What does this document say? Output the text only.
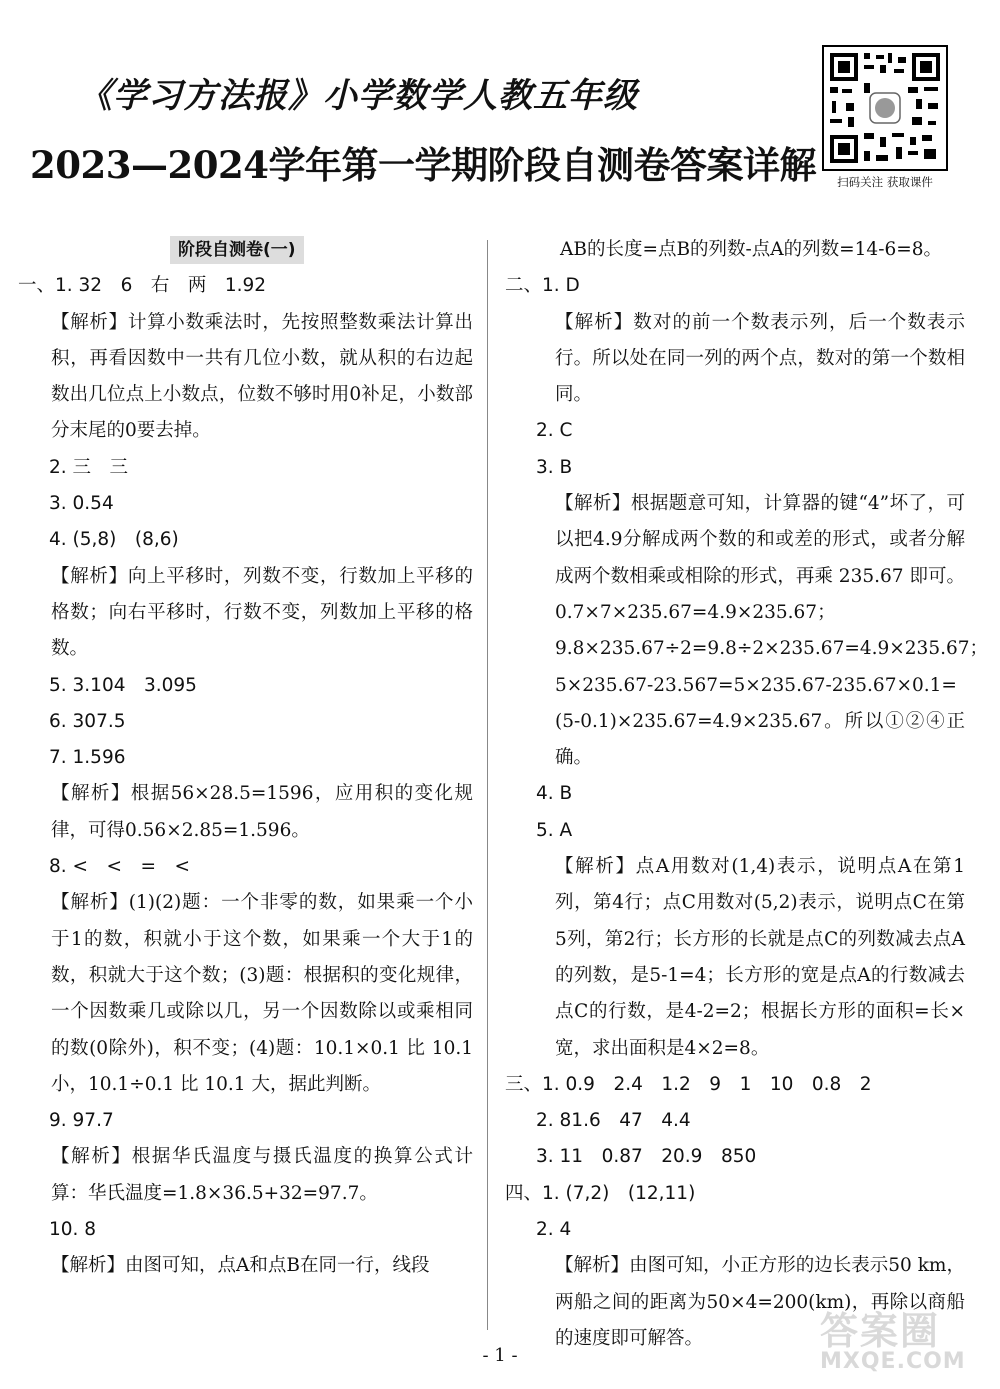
《学习方法报》小学数学人教五年级
2023—2024学年第一学期阶段自测卷答案详解	扫码关注 获取课件
阶段自测卷(一)
一、1. 32　6　右　两　1.92
【解析】计算小数乘法时，先按照整数乘法计算出积，再看因数中一共有几位小数，就从积的右边起数出几位点上小数点，位数不够时用0补足，小数部分末尾的0要去掉。
2. 三　三
3. 0.54
4. (5,8)　(8,6)
【解析】向上平移时，列数不变，行数加上平移的格数；向右平移时，行数不变，列数加上平移的格数。
5. 3.104　3.095
6. 307.5
7. 1.596
【解析】根据56×28.5=1596，应用积的变化规律，可得0.56×2.85=1.596。
8. <　<　=　<
【解析】(1)(2)题：一个非零的数，如果乘一个小于1的数，积就小于这个数，如果乘一个大于1的数，积就大于这个数；(3)题：根据积的变化规律，一个因数乘几或除以几，另一个因数除以或乘相同的数(0除外)，积不变；(4)题：10.1×0.1 比 10.1 小，10.1÷0.1 比 10.1 大，据此判断。
9. 97.7
【解析】根据华氏温度与摄氏温度的换算公式计算：华氏温度=1.8×36.5+32=97.7。
10. 8
【解析】由图可知，点A和点B在同一行，线段
AB的长度=点B的列数-点A的列数=14-6=8。
二、1. D
【解析】数对的前一个数表示列，后一个数表示行。所以处在同一列的两个点，数对的第一个数相同。
2. C
3. B
【解析】根据题意可知，计算器的键“4”坏了，可以把4.9分解成两个数的和或差的形式，或者分解成两个数相乘或相除的形式，再乘 235.67 即可。0.7×7×235.67=4.9×235.67；9.8×235.67÷2=9.8÷2×235.67=4.9×235.67；5×235.67-23.567=5×235.67-235.67×0.1=(5-0.1)×235.67=4.9×235.67。所以①②④正确。
4. B
5. A
【解析】点A用数对(1,4)表示，说明点A在第1列，第4行；点C用数对(5,2)表示，说明点C在第5列，第2行；长方形的长就是点C的列数减去点A的列数，是5-1=4；长方形的宽是点A的行数减去点C的行数，是4-2=2；根据长方形的面积=长×宽，求出面积是4×2=8。
三、1. 0.9　2.4　1.2　9　1　10　0.8　2
2. 81.6　47　4.4
3. 11　0.87　20.9　850
四、1. (7,2)　(12,11)
2. 4
【解析】由图可知，小正方形的边长表示50 km，两船之间的距离为50×4=200(km)，再除以商船的速度即可解答。
- 1 -
答案圈
MXQE.COM
